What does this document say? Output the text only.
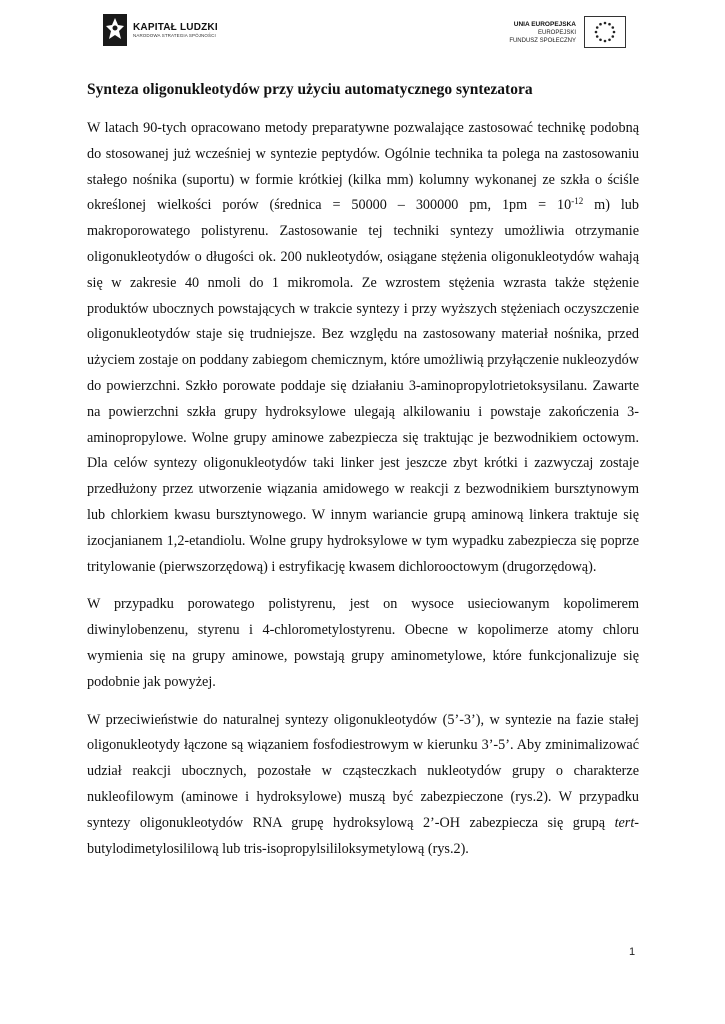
KAPITAŁ LUDZKI
NARODOWA STRATEGIA SPÓJNOŚCI
UNIA EUROPEJSKA
EUROPEJSKI
FUNDUSZ SPOŁECZNY
Synteza oligonukleotydów przy użyciu automatycznego syntezatora

W latach 90-tych opracowano metody preparatywne pozwalające zastosować technikę podobną do stosowanej już wcześniej w syntezie peptydów. Ogólnie technika ta polega na zastosowaniu stałego nośnika (suportu) w formie krótkiej (kilka mm) kolumny wykonanej ze szkła o ściśle określonej wielkości porów (średnica = 50000 – 300000 pm, $1pm = 10^{-12}$ m) lub makroporowatego polistyrenu. Zastosowanie tej techniki syntezy umożliwia otrzymanie oligonukleotydów o długości ok. 200 nukleotydów, osiągane stężenia oligonukleotydów wahają się w zakresie 40 nmoli do 1 mikromola. Ze wzrostem stężenia wzrasta także stężenie produktów ubocznych powstających w trakcie syntezy i przy wyższych stężeniach oczyszczenie oligonukleotydów staje się trudniejsze. Bez względu na zastosowany materiał nośnika, przed użyciem zostaje on poddany zabiegom chemicznym, które umożliwią przyłączenie nukleozydów do powierzchni. Szkło porowate poddaje się działaniu 3-aminopropylotrietoksysilanu. Zawarte na powierzchni szkła grupy hydroksylowe ulegają alkilowaniu i powstaje zakończenia 3-aminopropylowe. Wolne grupy aminowe zabezpiecza się traktując je bezwodnikiem octowym. Dla celów syntezy oligonukleotydów taki linker jest jeszcze zbyt krótki i zazwyczaj zostaje przedłużony przez utworzenie wiązania amidowego w reakcji z bezwodnikiem bursztynowym lub chlorkiem kwasu bursztynowego. W innym wariancie grupą aminową linkera traktuje się izocjanianem 1,2-etandiolu. Wolne grupy hydroksylowe w tym wypadku zabezpiecza się poprze tritylowanie (pierwszorzędową) i estryfikację kwasem dichlorooctowym (drugorzędową).

W przypadku porowatego polistyrenu, jest on wysoce usieciowanym kopolimerem diwinylobenzenu, styrenu i 4-chlorometylostyrenu. Obecne w kopolimerze atomy chloru wymienia się na grupy aminowe, powstają grupy aminometylowe, które funkcjonalizuje się podobnie jak powyżej.

W przeciwieństwie do naturalnej syntezy oligonukleotydów (5’-3’), w syntezie na fazie stałej oligonukleotydy łączone są wiązaniem fosfodiestrowym w kierunku 3’-5’. Aby zminimalizować udział reakcji ubocznych, pozostałe w cząsteczkach nukleotydów grupy o charakterze nukleofilowym (aminowe i hydroksylowe) muszą być zabezpieczone (rys.2). W przypadku syntezy oligonukleotydów RNA grupę hydroksylową 2’-OH zabezpiecza się grupą tert-butylodimetylosililową lub tris-isopropylsililoksymetylową (rys.2).

1
